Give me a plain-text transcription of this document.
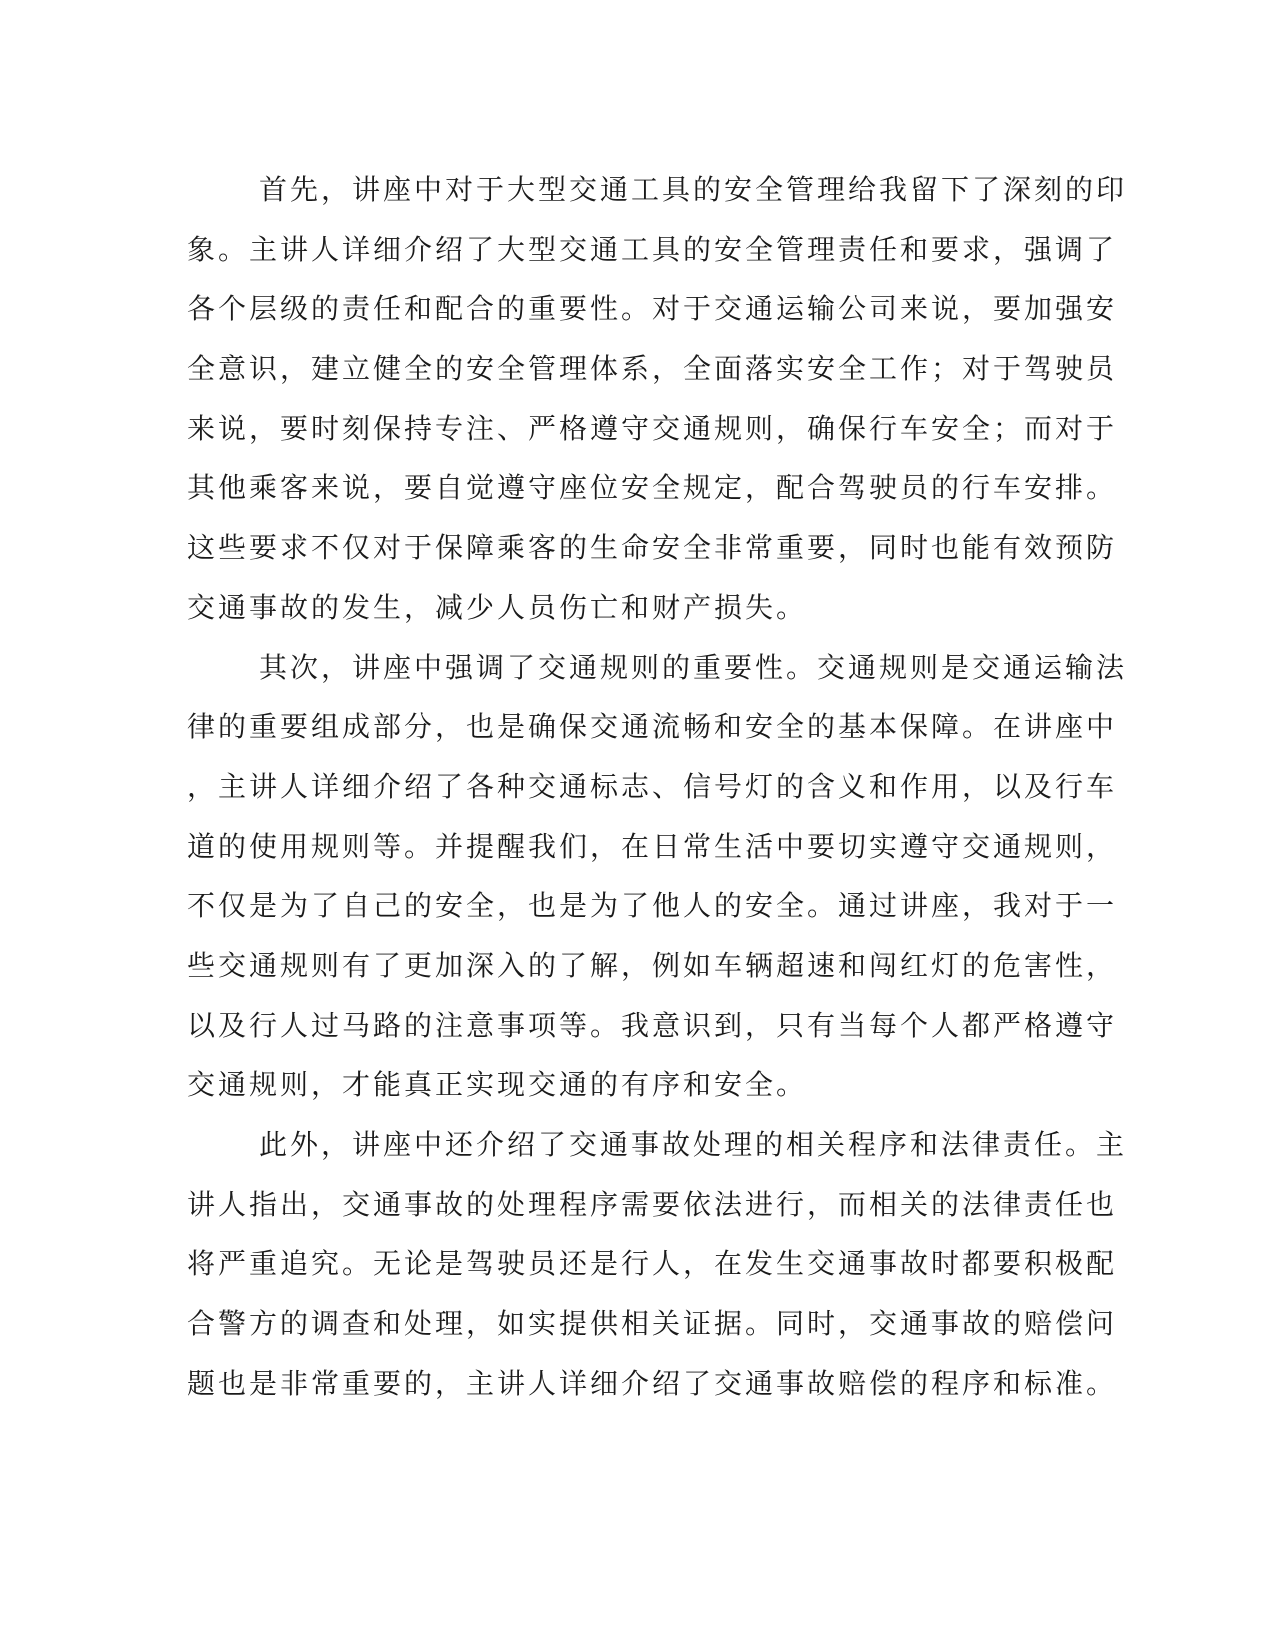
首先，讲座中对于大型交通工具的安全管理给我留下了深刻的印
象。主讲人详细介绍了大型交通工具的安全管理责任和要求，强调了
各个层级的责任和配合的重要性。对于交通运输公司来说，要加强安
全意识，建立健全的安全管理体系，全面落实安全工作；对于驾驶员
来说，要时刻保持专注、严格遵守交通规则，确保行车安全；而对于
其他乘客来说，要自觉遵守座位安全规定，配合驾驶员的行车安排。
这些要求不仅对于保障乘客的生命安全非常重要，同时也能有效预防
交通事故的发生，减少人员伤亡和财产损失。
其次，讲座中强调了交通规则的重要性。交通规则是交通运输法
律的重要组成部分，也是确保交通流畅和安全的基本保障。在讲座中
，主讲人详细介绍了各种交通标志、信号灯的含义和作用，以及行车
道的使用规则等。并提醒我们，在日常生活中要切实遵守交通规则，
不仅是为了自己的安全，也是为了他人的安全。通过讲座，我对于一
些交通规则有了更加深入的了解，例如车辆超速和闯红灯的危害性，
以及行人过马路的注意事项等。我意识到，只有当每个人都严格遵守
交通规则，才能真正实现交通的有序和安全。
此外，讲座中还介绍了交通事故处理的相关程序和法律责任。主
讲人指出，交通事故的处理程序需要依法进行，而相关的法律责任也
将严重追究。无论是驾驶员还是行人，在发生交通事故时都要积极配
合警方的调查和处理，如实提供相关证据。同时，交通事故的赔偿问
题也是非常重要的，主讲人详细介绍了交通事故赔偿的程序和标准。
